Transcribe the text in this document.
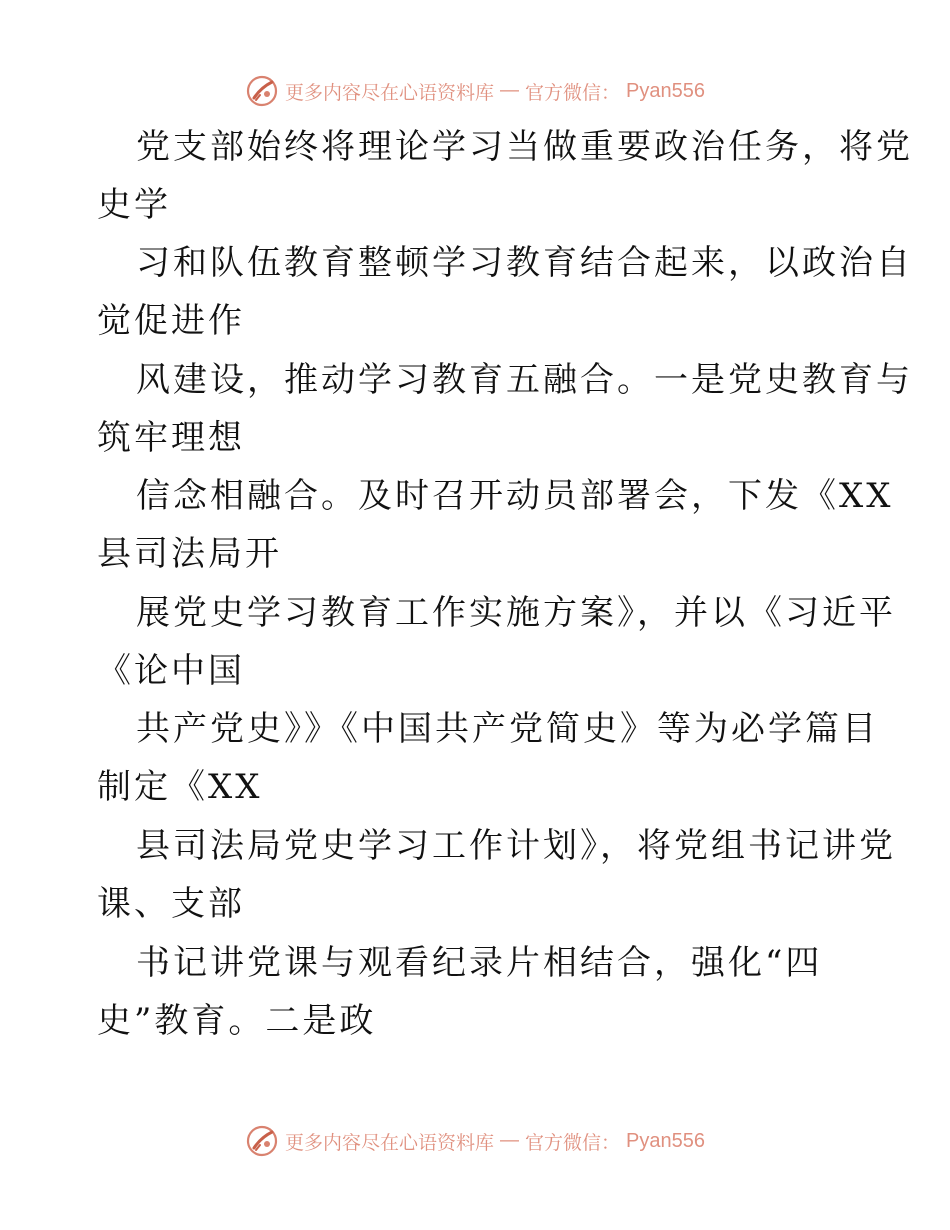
更多内容尽在心语资料库 — 官方微信： Pyan556
党支部始终将理论学习当做重要政治任务，将党
史学
习和队伍教育整顿学习教育结合起来，以政治自
觉促进作
风建设，推动学习教育五融合。一是党史教育与
筑牢理想
信念相融合。及时召开动员部署会，下发《XX
县司法局开
展党史学习教育工作实施方案》，并以《习近平
《论中国
共产党史》》《中国共产党简史》等为必学篇目
制定《XX
县司法局党史学习工作计划》，将党组书记讲党
课、支部
书记讲党课与观看纪录片相结合，强化“四
史”教育。二是政
更多内容尽在心语资料库 — 官方微信： Pyan556
